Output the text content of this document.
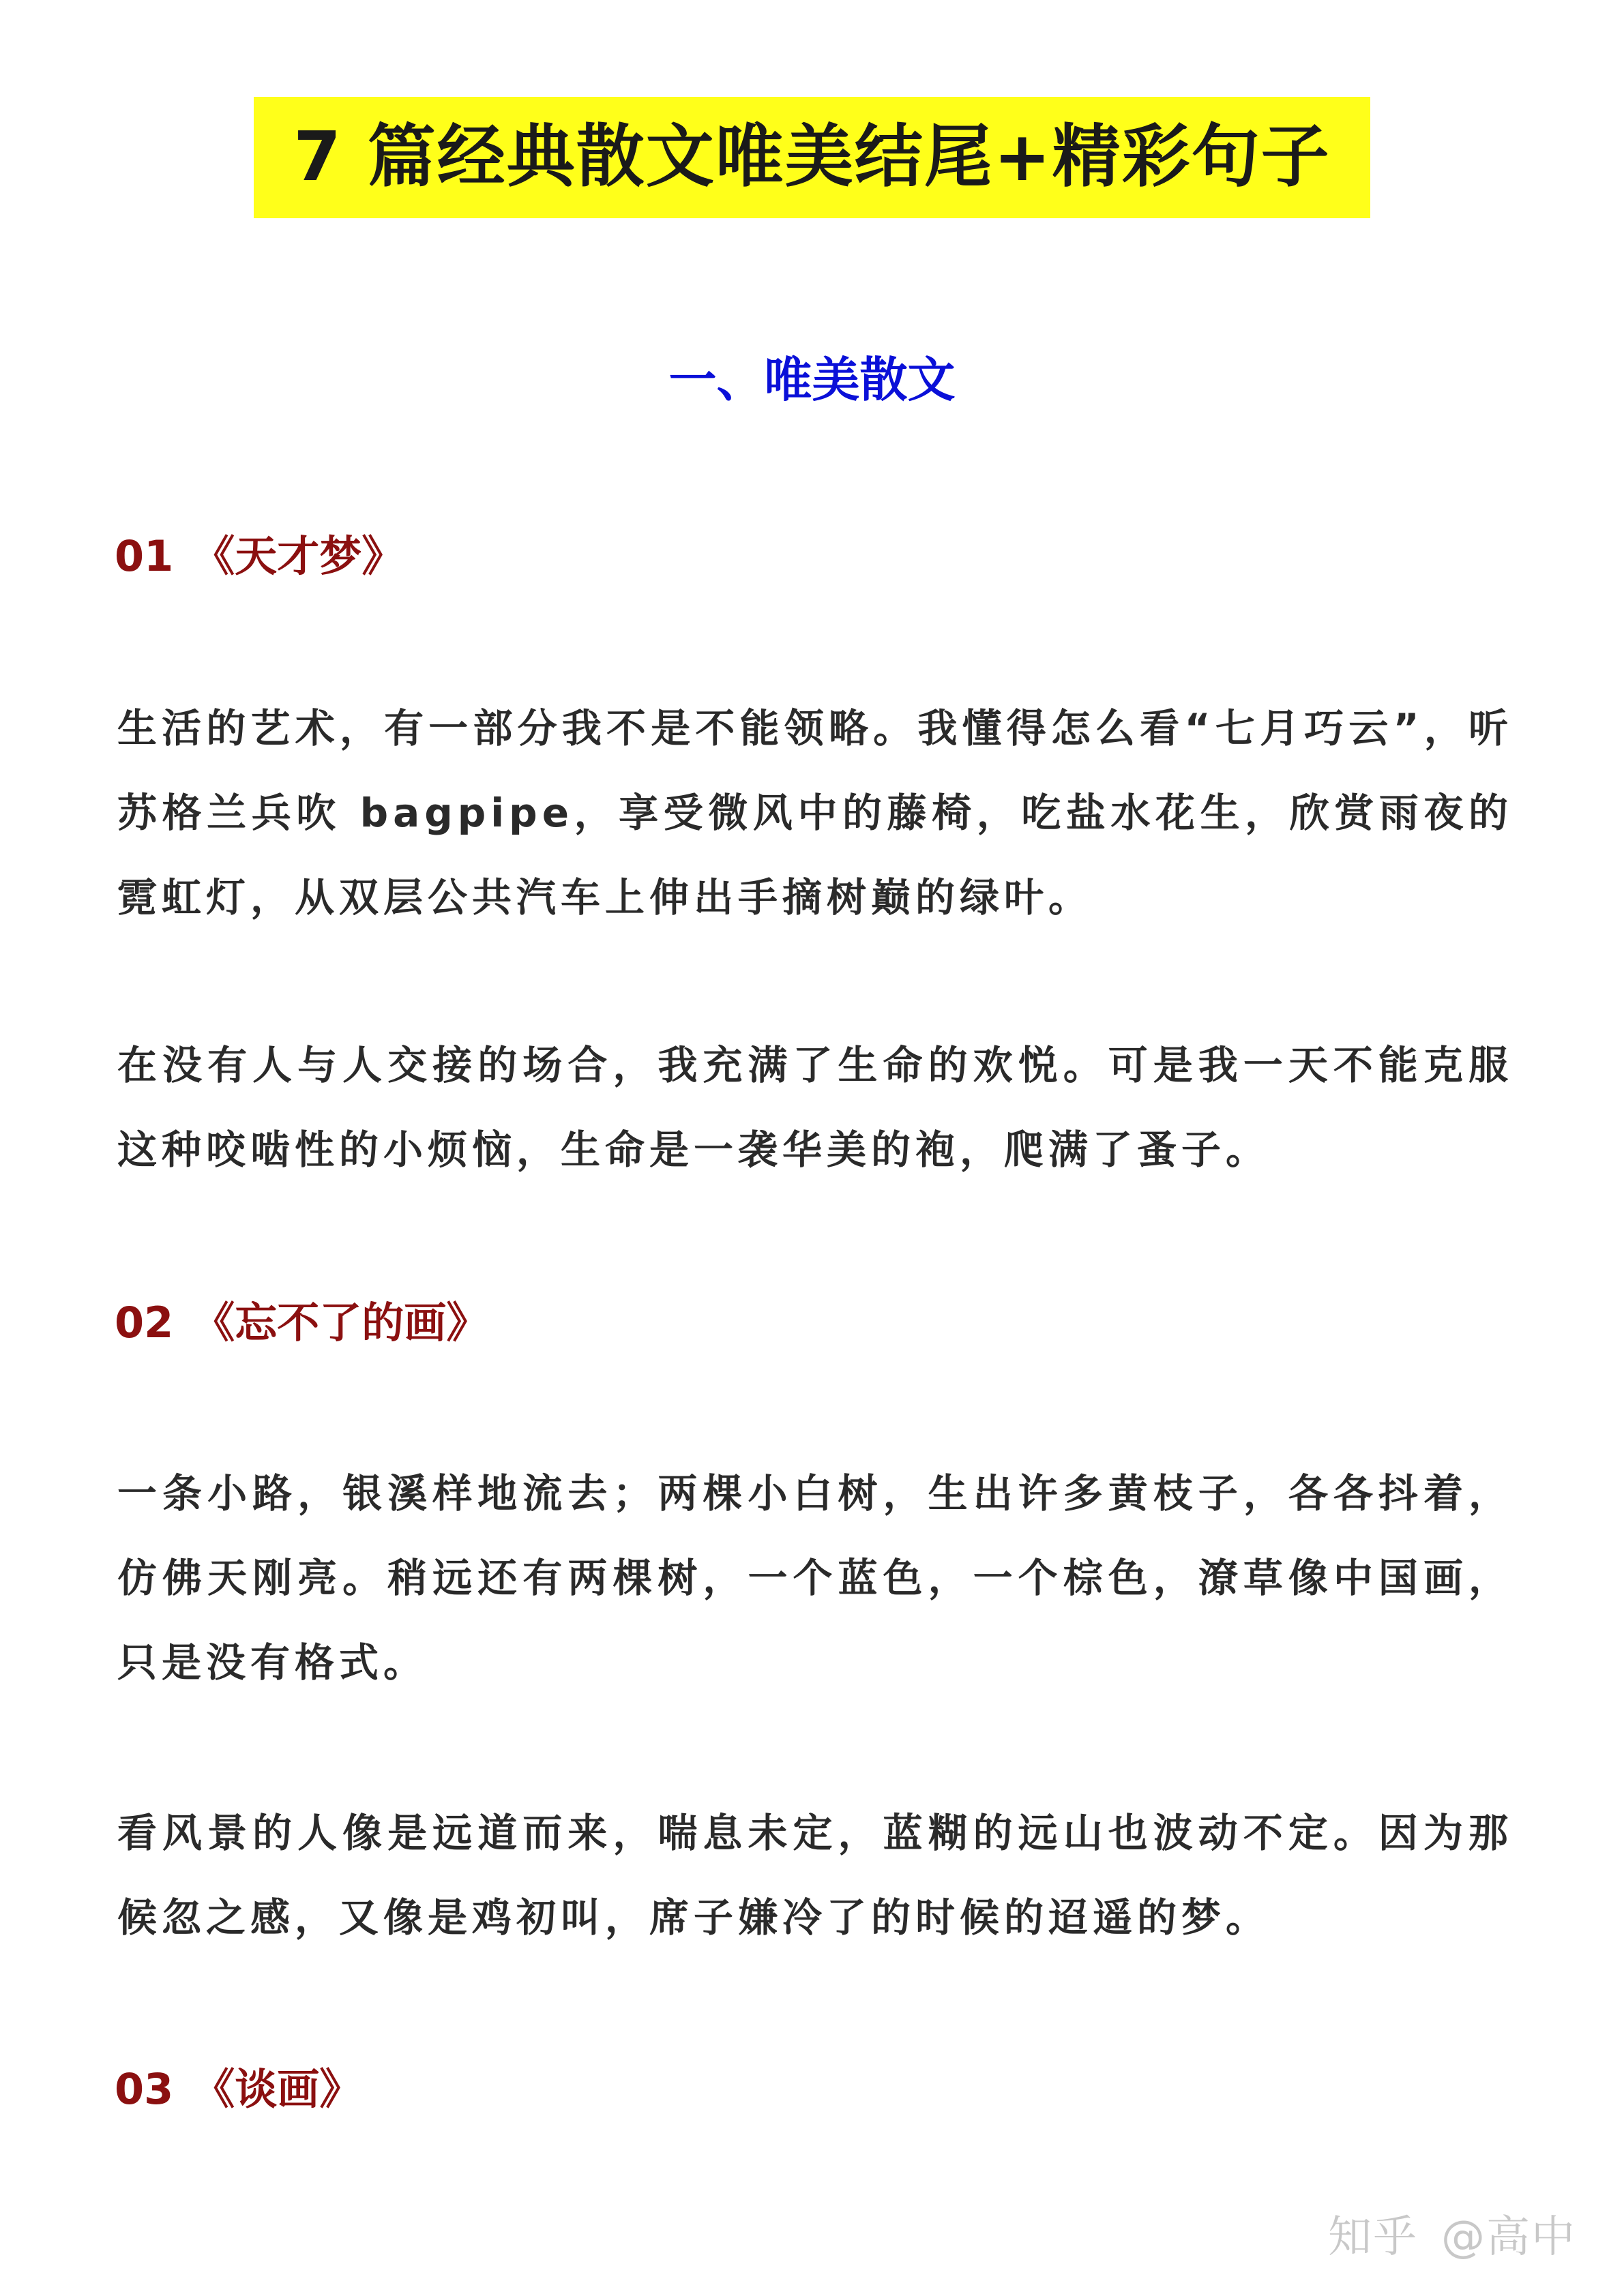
7 篇经典散文唯美结尾+精彩句子
一、唯美散文
01 《天才梦》

生活的艺术，有一部分我不是不能领略。我懂得怎么看“七月巧云”，听苏格兰兵吹 bagpipe，享受微风中的藤椅，吃盐水花生，欣赏雨夜的霓虹灯，从双层公共汽车上伸出手摘树巅的绿叶。

在没有人与人交接的场合，我充满了生命的欢悦。可是我一天不能克服这种咬啮性的小烦恼，生命是一袭华美的袍，爬满了蚤子。

02 《忘不了的画》

一条小路，银溪样地流去；两棵小白树，生出许多黄枝子，各各抖着，仿佛天刚亮。稍远还有两棵树，一个蓝色，一个棕色，潦草像中国画，只是没有格式。

看风景的人像是远道而来，喘息未定，蓝糊的远山也波动不定。因为那候忽之感，又像是鸡初叫，席子嫌冷了的时候的迢遥的梦。

03 《谈画》
知乎 @高中
